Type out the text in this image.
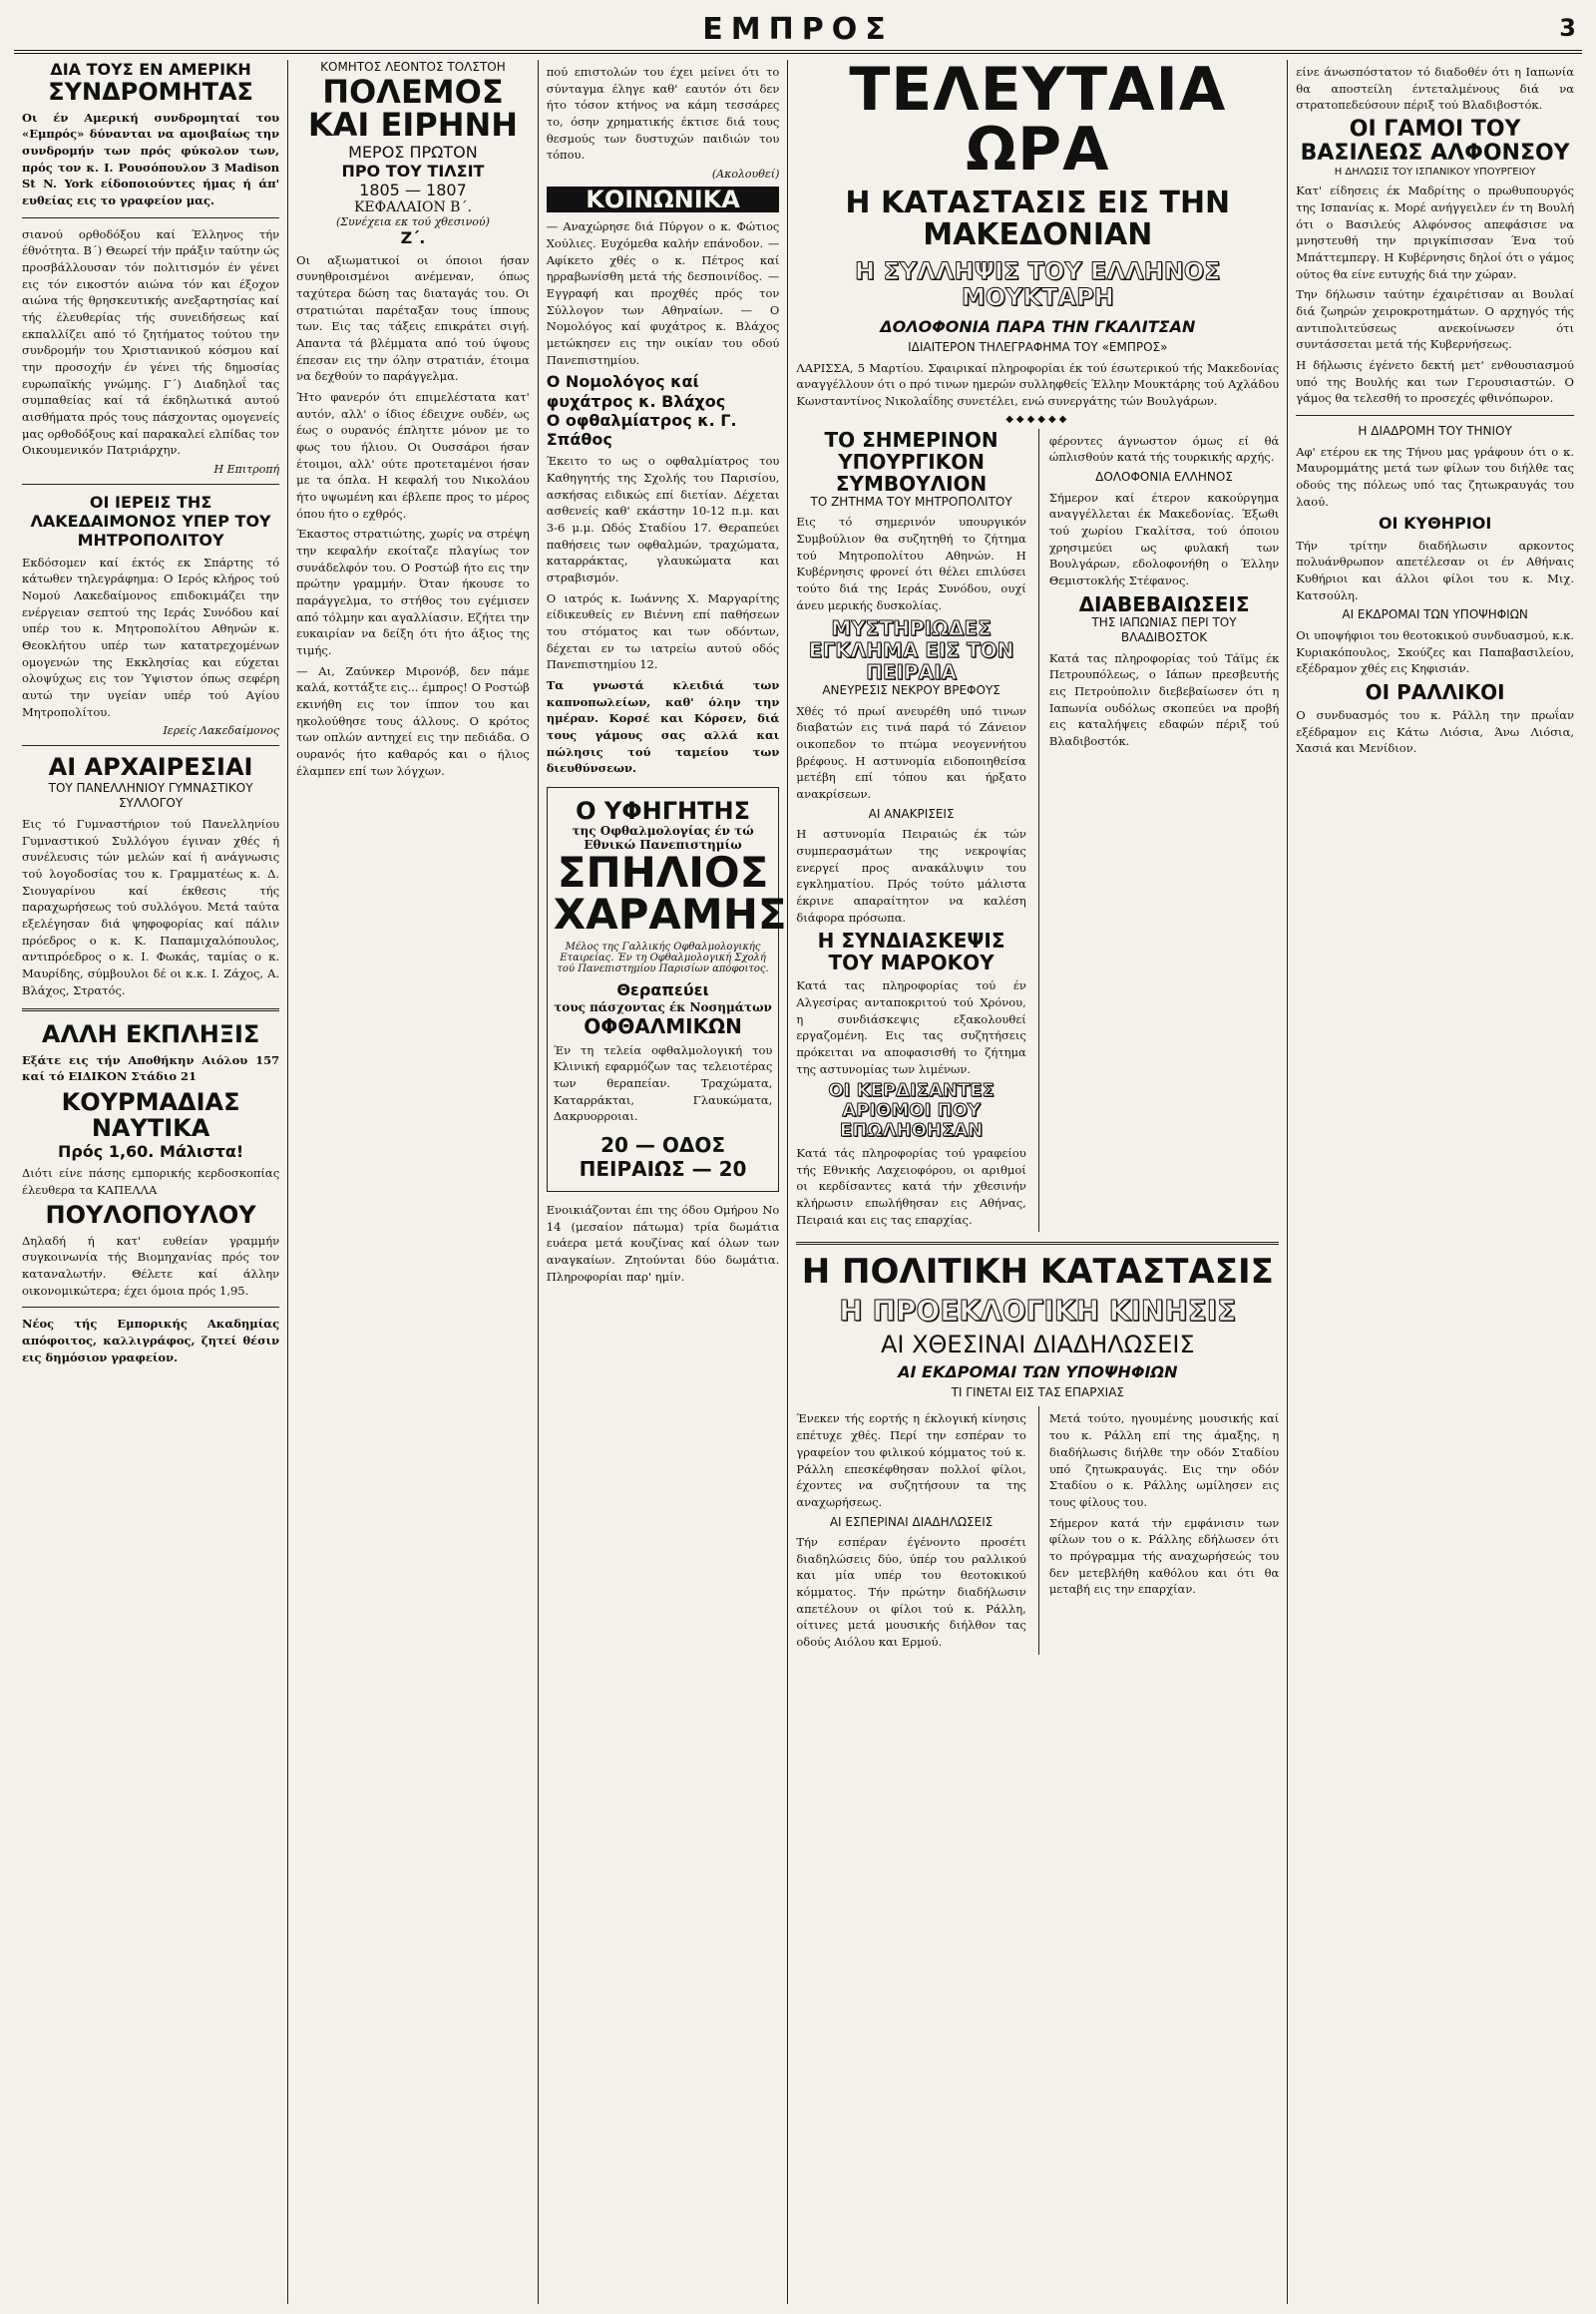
ΕΜΠΡΟΣ	3
ΔΙΑ ΤΟΥΣ ΕΝ ΑΜΕΡΙΚΗ
ΣΥΝΔΡΟΜΗΤΑΣ

Οι έν Αμερική συνδρομηταί του «Εμπρός» δύνανται να αμοιβαίως την συνδρομήν των πρός φύκολον των, πρός τον κ. Ι. Ρουσόπουλον 3 Madison St N. York είδοποιούντες ήμας ή άπ' ευθείας εις το γραφείον μας.

σιανού ορθοδόξου καί Έλληνος τήν έθνότητα. Β΄) Θεωρεί τήν πράξιν ταύτην ώς προσβάλλουσαν τόν πολιτισμόν έν γένει εις τόν εικοστόν αιώνα τόν και έξοχον αιώνα τής θρησκευτικής ανεξαρτησίας καί τής έλευθερίας τής συνειδήσεως καί εκπαλλίζει από τό ζητήματος τούτου την συνδρομήν του Χριστιανικού κόσμου καί την προσοχήν έν γένει τής δημοσίας ευρωπαϊκής γνώμης. Γ΄) Διαδηλοΐ τας συμπαθείας καί τά έκδηλωτικά αυτού αισθήματα πρός τους πάσχοντας ομογενείς μας ορθοδόξους καί παρακαλεί ελπίδας τον Οικουμενικόν Πατριάρχην.

Η Επιτροπή
ΟΙ ΙΕΡΕΙΣ ΤΗΣ ΛΑΚΕΔΑΙΜΟΝΟΣ ΥΠΕΡ ΤΟΥ ΜΗΤΡΟΠΟΛΙΤΟΥ

Εκδόσομεν καί έκτός εκ Σπάρτης τό κάτωθεν τηλεγράφημα: Ο Ιερός κλήρος τού Νομού Λακεδαίμονος επιδοκιμάζει την ενέργειαν σεπτού της Ιεράς Συνόδου καί υπέρ του κ. Μητροπολίτου Αθηνών κ. Θεοκλήτου υπέρ των κατατρεχομένων ομογενών της Εκκλησίας και εύχεται ολοψύχως εις τον Ύψιστον όπως σεφέρη αυτώ την υγείαν υπέρ τού Αγίου Μητροπολίτου.

Ιερείς Λακεδαίμονος
ΑΙ ΑΡΧΑΙΡΕΣΙΑΙ
ΤΟΥ ΠΑΝΕΛΛΗΝΙΟΥ ΓΥΜΝΑΣΤΙΚΟΥ ΣΥΛΛΟΓΟΥ

Εις τό Γυμναστήριον τού Πανελληνίου Γυμναστικού Συλλόγου έγιναν χθές ή συνέλευσις τών μελών καί ή ανάγνωσις τού λογοδοσίας του κ. Γραμματέως κ. Δ. Σιουγαρίνου καί έκθεσις τής παραχωρήσεως τού συλλόγου. Μετά ταύτα εξελέγησαν διά ψηφοφορίας καί πάλιν πρόεδρος ο κ. Κ. Παπαμιχαλόπουλος, αντιπρόεδρος ο κ. Ι. Φωκάς, ταμίας ο κ. Μαυρίδης, σύμβουλοι δέ οι κ.κ. Ι. Ζάχος, Α. Βλάχος, Στρατός.

ΑΛΛΗ ΕΚΠΛΗΞΙΣ

Εξάτε εις τήν Αποθήκην Αιόλου 157 καί τό ΕΙΔΙΚΟΝ Στάδιο 21

ΚΟΥΡΜΑΔΙΑΣ ΝΑΥΤΙΚΑ
Πρός 1,60. Μάλιστα!

Διότι είνε πάσης εμπορικής κερδοσκοπίας έλευθερα τα ΚΑΠΕΛΛΑ

ΠΟΥΛΟΠΟΥΛΟΥ

Δηλαδή ή κατ' ευθείαν γραμμήν συγκοινωνία τής Βιομηχανίας πρός τον καταναλωτήν. Θέλετε καί άλλην οικονομικώτερα; έχει όμοια πρός 1,95.

Νέος τής Εμπορικής Ακαδημίας απόφοιτος, καλλιγράφος, ζητεί θέσιν εις δημόσιον γραφείον.

ΚΟΜΗΤΟΣ ΛΕΟΝΤΟΣ ΤΟΛΣΤΟΗ
ΠΟΛΕΜΟΣ ΚΑΙ ΕΙΡΗΝΗ
ΜΕΡΟΣ ΠΡΩΤΟΝ
ΠΡΟ ΤΟΥ ΤΙΛΣΙΤ
1805 — 1807
ΚΕΦΑΛΑΙΟΝ Β΄.
(Συνέχεια εκ τού χθεσινού)
Ζ΄.

Οι αξιωματικοί οι όποιοι ήσαν συνηθροισμένοι ανέμεναν, όπως ταχύτερα δώση τας διαταγάς του. Οι στρατιώται παρέταξαν τους ίππους των. Εις τας τάξεις επικράτει σιγή. Απαντα τά βλέμματα από τού ύψους έπεσαν εις την όλην στρατιάν, έτοιμα να δεχθούν το παράγγελμα.

Ήτο φανερόν ότι επιμελέστατα κατ' αυτόν, αλλ' ο ίδιος έδειχνε ουδέν, ως έως ο ουρανός έπληττε μόνον με το φως του ήλιου. Οι Ουσσάροι ήσαν έτοιμοι, αλλ' ούτε προτεταμένοι ήσαν με τα όπλα. Η κεφαλή του Νικολάου ήτο υψωμένη και έβλεπε προς το μέρος όπου ήτο ο εχθρός.

Έκαστος στρατιώτης, χωρίς να στρέψη την κεφαλήν εκοίταζε πλαγίως τον συνάδελφόν του. Ο Ροστώβ ήτο εις την πρώτην γραμμήν. Όταν ήκουσε το παράγγελμα, το στήθος του εγέμισεν από τόλμην και αγαλλίασιν. Εζήτει την ευκαιρίαν να δείξη ότι ήτο άξιος της τιμής.

— Αι, Ζαύνκερ Μιρονόβ, δεν πάμε καλά, κοττάξτε εις... έμπρος! Ο Ροστώβ εκινήθη εις τον ίππον του και ηκολούθησε τους άλλους. Ο κρότος των οπλών αντηχεί εις την πεδιάδα. Ο ουρανός ήτο καθαρός και ο ήλιος έλαμπεν επί των λόγχων.

πού επιστολών του έχει μείνει ότι το σύνταγμα έληγε καθ' εαυτόν ότι δεν ήτο τόσον κτήνος να κάμη τεσσάρες το, όσην χρηματικής έκτισε διά τους θεσμούς των δυστυχών παιδιών του τόπου.

(Ακολουθεί)
ΚΟΙΝΩΝΙΚΑ

— Αναχώρησε διά Πύργον ο κ. Φώτιος Χούλιες. Ευχόμεθα καλήν επάνοδον. — Αφίκετο χθές ο κ. Πέτρος καί ηρραβωνίσθη μετά τής δεσποινίδος. — Εγγραφή και προχθές πρός τον Σύλλογον των Αθηναίων. — Ο Νομολόγος καί φυχάτρος κ. Βλάχος μετώκησεν εις την οικίαν του οδού Πανεπιστημίου.

Ο Νομολόγος καί φυχάτρος κ. Βλάχος
Ο οφθαλμίατρος κ. Γ. Σπάθος

Έκειτο το ως ο οφθαλμίατρος του Καθηγητής της Σχολής του Παρισίου, ασκήσας ειδικώς επί διετίαν. Δέχεται ασθενείς καθ' εκάστην 10-12 π.μ. και 3-6 μ.μ. Ωδός Σταδίου 17. Θεραπεύει παθήσεις των οφθαλμών, τραχώματα, καταρράκτας, γλαυκώματα και στραβισμόν.

Ο ιατρός κ. Ιωάννης Χ. Μαργαρίτης είδικευθείς εν Βιέννη επί παθήσεων του στόματος και των οδόντων, δέχεται εν τω ιατρείω αυτού οδός Πανεπιστημίου 12.

Τα γνωστά κλειδιά των καπνοπωλείων, καθ' όλην την ημέραν. Κορσέ και Κόρσεν, διά τους γάμους σας αλλά και πώλησις τού ταμείου των διευθύνσεων.

Ο ΥΦΗΓΗΤΗΣ
της Οφθαλμολογίας έν τώ Εθνικώ Πανεπιστημίω
ΣΠΗΛΙΟΣ
ΧΑΡΑΜΗΣ
Μέλος της Γαλλικής Οφθαλμολογικής Εταιρείας. Έν τη Οφθαλμολογική Σχολή τού Πανεπιστημίου Παρισίων απόφοιτος.
Θεραπεύει
τους πάσχοντας έκ Νοσημάτων
ΟΦΘΑΛΜΙΚΩΝ

Έν τη τελεία οφθαλμολογική του Κλινική εφαρμόζων τας τελειοτέρας των θεραπείαν. Τραχώματα, Καταρράκται, Γλαυκώματα, Δακρυορροιαι.

20 — ΟΔΟΣ ΠΕΙΡΑΙΩΣ — 20

Ενοικιάζονται έπι της όδου Ομήρου Νο 14 (μεσαίον πάτωμα) τρία δωμάτια ευάερα μετά κουζίνας καί όλων των αναγκαίων. Ζητούνται δύο δωμάτια. Πληροφορίαι παρ' ημίν.

ΤΕΛΕΥΤΑΙΑ ΩΡΑ
Η ΚΑΤΑΣΤΑΣΙΣ ΕΙΣ ΤΗΝ ΜΑΚΕΔΟΝΙΑΝ
Η ΣΥΛΛΗΨΙΣ ΤΟΥ ΕΛΛΗΝΟΣ ΜΟΥΚΤΑΡΗ
ΔΟΛΟΦΟΝΙΑ ΠΑΡΑ ΤΗΝ ΓΚΑΛΙΤΣΑΝ
ΙΔΙΑΙΤΕΡΟΝ ΤΗΛΕΓΡΑΦΗΜΑ ΤΟΥ «ΕΜΠΡΟΣ»

ΛΑΡΙΣΣΑ, 5 Μαρτίου. Σφαιρικαί πληροφορίαι έκ τού έσωτερικού τής Μακεδονίας αναγγέλλουν ότι ο πρό τινων ημερών συλληφθείς Έλλην Μουκτάρης τού Αχλάδου Κωνσταντίνος Νικολαΐδης συνετέλει, ενώ συνεργάτης τών Βουλγάρων.

◆◆◆◆◆◆
ΤΟ ΣΗΜΕΡΙΝΟΝ ΥΠΟΥΡΓΙΚΟΝ ΣΥΜΒΟΥΛΙΟΝ
ΤΟ ΖΗΤΗΜΑ ΤΟΥ ΜΗΤΡΟΠΟΛΙΤΟΥ

Εις τό σημερινόν υπουργικόν Συμβούλιον θα συζητηθή το ζήτημα τού Μητροπολίτου Αθηνών. Η Κυβέρνησις φρονεί ότι θέλει επιλύσει τούτο διά της Ιεράς Συνόδου, ουχί άνευ μερικής δυσκολίας.

ΜΥΣΤΗΡΙΩΔΕΣ ΕΓΚΛΗΜΑ ΕΙΣ ΤΟΝ ΠΕΙΡΑΙΑ
ΑΝΕΥΡΕΣΙΣ ΝΕΚΡΟΥ ΒΡΕΦΟΥΣ

Χθές τό πρωί ανευρέθη υπό τινων διαβατών εις τινά παρά τό Ζάνειον οικοπεδον το πτώμα νεογεννήτου βρέφους. Η αστυνομία ειδοποιηθείσα μετέβη επί τόπου και ήρξατο ανακρίσεων.

ΑΙ ΑΝΑΚΡΙΣΕΙΣ

Η αστυνομία Πειραιώς έκ τών συμπερασμάτων της νεκροψίας ενεργεί προς ανακάλυψιν του εγκληματίου. Πρός τούτο μάλιστα έκρινε απαραίτητον να καλέση διάφορα πρόσωπα.

Η ΣΥΝΔΙΑΣΚΕΨΙΣ ΤΟΥ ΜΑΡΟΚΟΥ

Κατά τας πληροφορίας τού έν Αλγεσίρας ανταποκριτού τού Χρόνου, η συνδιάσκεψις εξακολουθεί εργαζομένη. Εις τας συζητήσεις πρόκειται να αποφασισθή το ζήτημα της αστυνομίας των λιμένων.

ΟΙ ΚΕΡΔΙΣΑΝΤΕΣ ΑΡΙΘΜΟΙ ΠΟΥ ΕΠΩΛΗΘΗΣΑΝ

Κατά τάς πληροφορίας τού γραφείου τής Εθνικής Λαχειοφόρου, οι αριθμοί οι κερδίσαντες κατά τήν χθεσινήν κλήρωσιν επωλήθησαν εις Αθήνας, Πειραιά και εις τας επαρχίας.

φέροντες άγνωστον όμως εί θά ώπλισθούν κατά τής τουρκικής αρχής.

ΔΟΛΟΦΟΝΙΑ ΕΛΛΗΝΟΣ

Σήμερον καί έτερον κακούργημα αναγγέλλεται έκ Μακεδονίας. Έξωθι τού χωρίου Γκαλίτσα, τού όποιου χρησιμεύει ως φυλακή των Βουλγάρων, εδολοφονήθη ο Έλλην Θεμιστοκλής Στέφανος.

ΔΙΑΒΕΒΑΙΩΣΕΙΣ
ΤΗΣ ΙΑΠΩΝΙΑΣ ΠΕΡΙ ΤΟΥ ΒΛΑΔΙΒΟΣΤΟΚ

Κατά τας πληροφορίας τού Τάϊμς έκ Πετρουπόλεως, ο Ιάπων πρεσβευτής εις Πετρούπολιν διεβεβαίωσεν ότι η Ιαπωνία ουδόλως σκοπεύει να προβή εις καταλήψεις εδαφών πέριξ τού Βλαδιβοστόκ.

Η ΠΟΛΙΤΙΚΗ ΚΑΤΑΣΤΑΣΙΣ
Η ΠΡΟΕΚΛΟΓΙΚΗ ΚΙΝΗΣΙΣ
ΑΙ ΧΘΕΣΙΝΑΙ ΔΙΑΔΗΛΩΣΕΙΣ
ΑΙ ΕΚΔΡΟΜΑΙ ΤΩΝ ΥΠΟΨΗΦΙΩΝ
ΤΙ ΓΙΝΕΤΑΙ ΕΙΣ ΤΑΣ ΕΠΑΡΧΙΑΣ

Ένεκεν τής εορτής η έκλογική κίνησις επέτυχε χθές. Περί την εσπέραν το γραφείον του φιλικού κόμματος τού κ. Ράλλη επεσκέφθησαν πολλοί φίλοι, έχοντες να συζητήσουν τα της αναχωρήσεως.

ΑΙ ΕΣΠΕΡΙΝΑΙ ΔΙΑΔΗΛΩΣΕΙΣ

Τήν εσπέραν έγένοντο προσέτι διαδηλώσεις δύο, ύπέρ του ραλλικού και μία υπέρ του θεοτοκικού κόμματος. Τήν πρώτην διαδήλωσιν απετέλουν οι φίλοι τού κ. Ράλλη, οίτινες μετά μουσικής διήλθον τας οδούς Αιόλου και Ερμού.

Μετά τούτο, ηγουμένης μουσικής καί του κ. Ράλλη επί της άμαξης, η διαδήλωσις διήλθε την οδόν Σταδίου υπό ζητωκραυγάς. Εις την οδόν Σταδίου ο κ. Ράλλης ωμίλησεν εις τους φίλους του.

Σήμερον κατά τήν εμφάνισιν των φίλων του ο κ. Ράλλης εδήλωσεν ότι το πρόγραμμα τής αναχωρήσεώς του δεν μετεβλήθη καθόλου και ότι θα μεταβή εις την επαρχίαν.

είνε άνωσπόστατον τό διαδοθέν ότι η Ιαπωνία θα αποστείλη έντεταλμένους διά να στρατοπεδεύσουν πέριξ τού Βλαδιβοστόκ.

ΟΙ ΓΑΜΟΙ ΤΟΥ ΒΑΣΙΛΕΩΣ ΑΛΦΟΝΣΟΥ
Η ΔΗΛΩΣΙΣ ΤΟΥ ΙΣΠΑΝΙΚΟΥ ΥΠΟΥΡΓΕΙΟΥ

Κατ' είδησεις έκ Μαδρίτης ο πρωθυπουργός της Ισπανίας κ. Μορέ ανήγγειλεν έν τη Βουλή ότι ο Βασιλεύς Αλφόνσος απεφάσισε να μνηστευθή την πριγκίπισσαν Ένα τού Μπάττεμπεργ. Η Κυβέρνησις δηλοί ότι ο γάμος ούτος θα είνε ευτυχής διά την χώραν.

Την δήλωσιν ταύτην έχαιρέτισαν αι Βουλαί διά ζωηρών χειροκροτημάτων. Ο αρχηγός τής αντιπολιτεύσεως ανεκοίνωσεν ότι συντάσσεται μετά τής Κυβερνήσεως.

Η δήλωσις έγένετο δεκτή μετ' ενθουσιασμού υπό της Βουλής και των Γερουσιαστών. Ο γάμος θα τελεσθή το προσεχές φθινόπωρον.

Η ΔΙΑΔΡΟΜΗ ΤΟΥ ΤΗΝΙΟΥ

Αφ' ετέρου εκ της Τήνου μας γράφουν ότι ο κ. Μαυρομμάτης μετά των φίλων του διήλθε τας οδούς της πόλεως υπό τας ζητωκραυγάς του λαού.

ΟΙ ΚΥΘΗΡΙΟΙ

Τήν τρίτην διαδήλωσιν αρκοντος πολυάνθρωπον απετέλεσαν οι έν Αθήναις Κυθήριοι και άλλοι φίλοι του κ. Μιχ. Κατσούλη.

ΑΙ ΕΚΔΡΟΜΑΙ ΤΩΝ ΥΠΟΨΗΦΙΩΝ

Οι υποψήφιοι του θεοτοκικού συνδυασμού, κ.κ. Κυριακόπουλος, Σκούζες και Παπαβασιλείου, εξέδραμον χθές εις Κηφισιάν.

ΟΙ ΡΑΛΛΙΚΟΙ

Ο συνδυασμός του κ. Ράλλη την πρωΐαν εξέδραμον εις Κάτω Λιόσια, Άνω Λιόσια, Χασιά και Μενίδιον.
